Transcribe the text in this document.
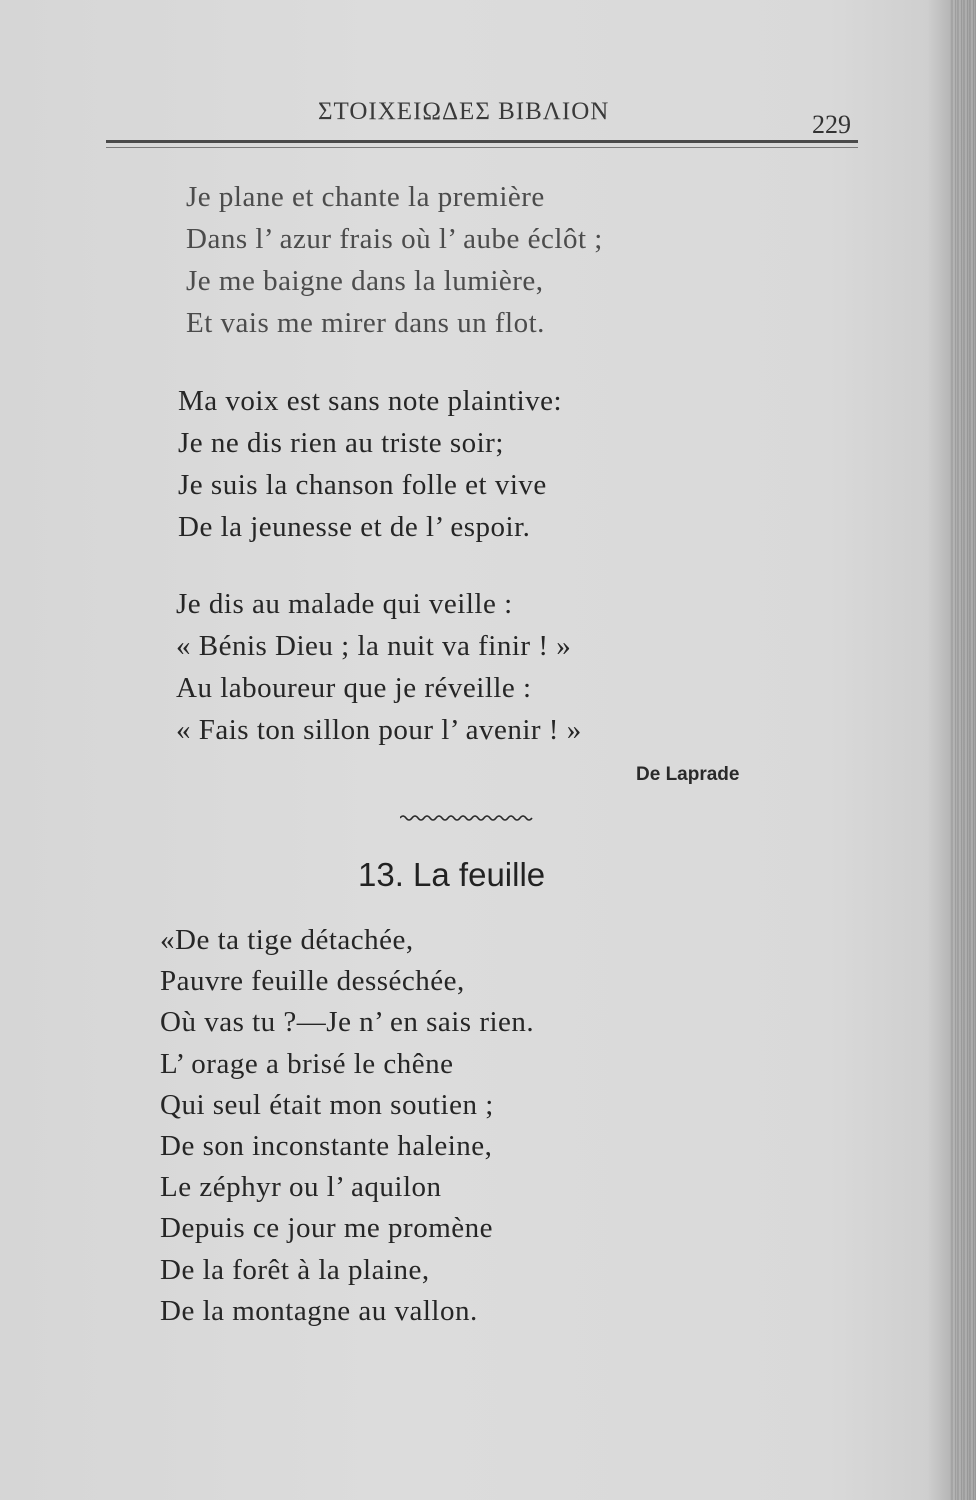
ΣΤΟΙΧΕΙΩΔΕΣ ΒΙΒΛΙΟΝ	229
Je plane et chante la première
Dans l’ azur frais où l’ aube éclôt ;
Je me baigne dans la lumière,
Et vais me mirer dans un flot.
Ma voix est sans note plaintive:
Je ne dis rien au triste soir;
Je suis la chanson folle et vive
De la jeunesse et de l’ espoir.
Je dis au malade qui veille :
« Bénis Dieu ; la nuit va finir ! »
Au laboureur que je réveille :
« Fais ton sillon pour l’ avenir ! »
De Laprade
13. La feuille
«De ta tige détachée,
Pauvre feuille desséchée,
Où vas tu ?—Je n’ en sais rien.
L’ orage a brisé le chêne
Qui seul était mon soutien ;
De son inconstante haleine,
Le zéphyr ou l’ aquilon
Depuis ce jour me promène
De la forêt à la plaine,
De la montagne au vallon.
